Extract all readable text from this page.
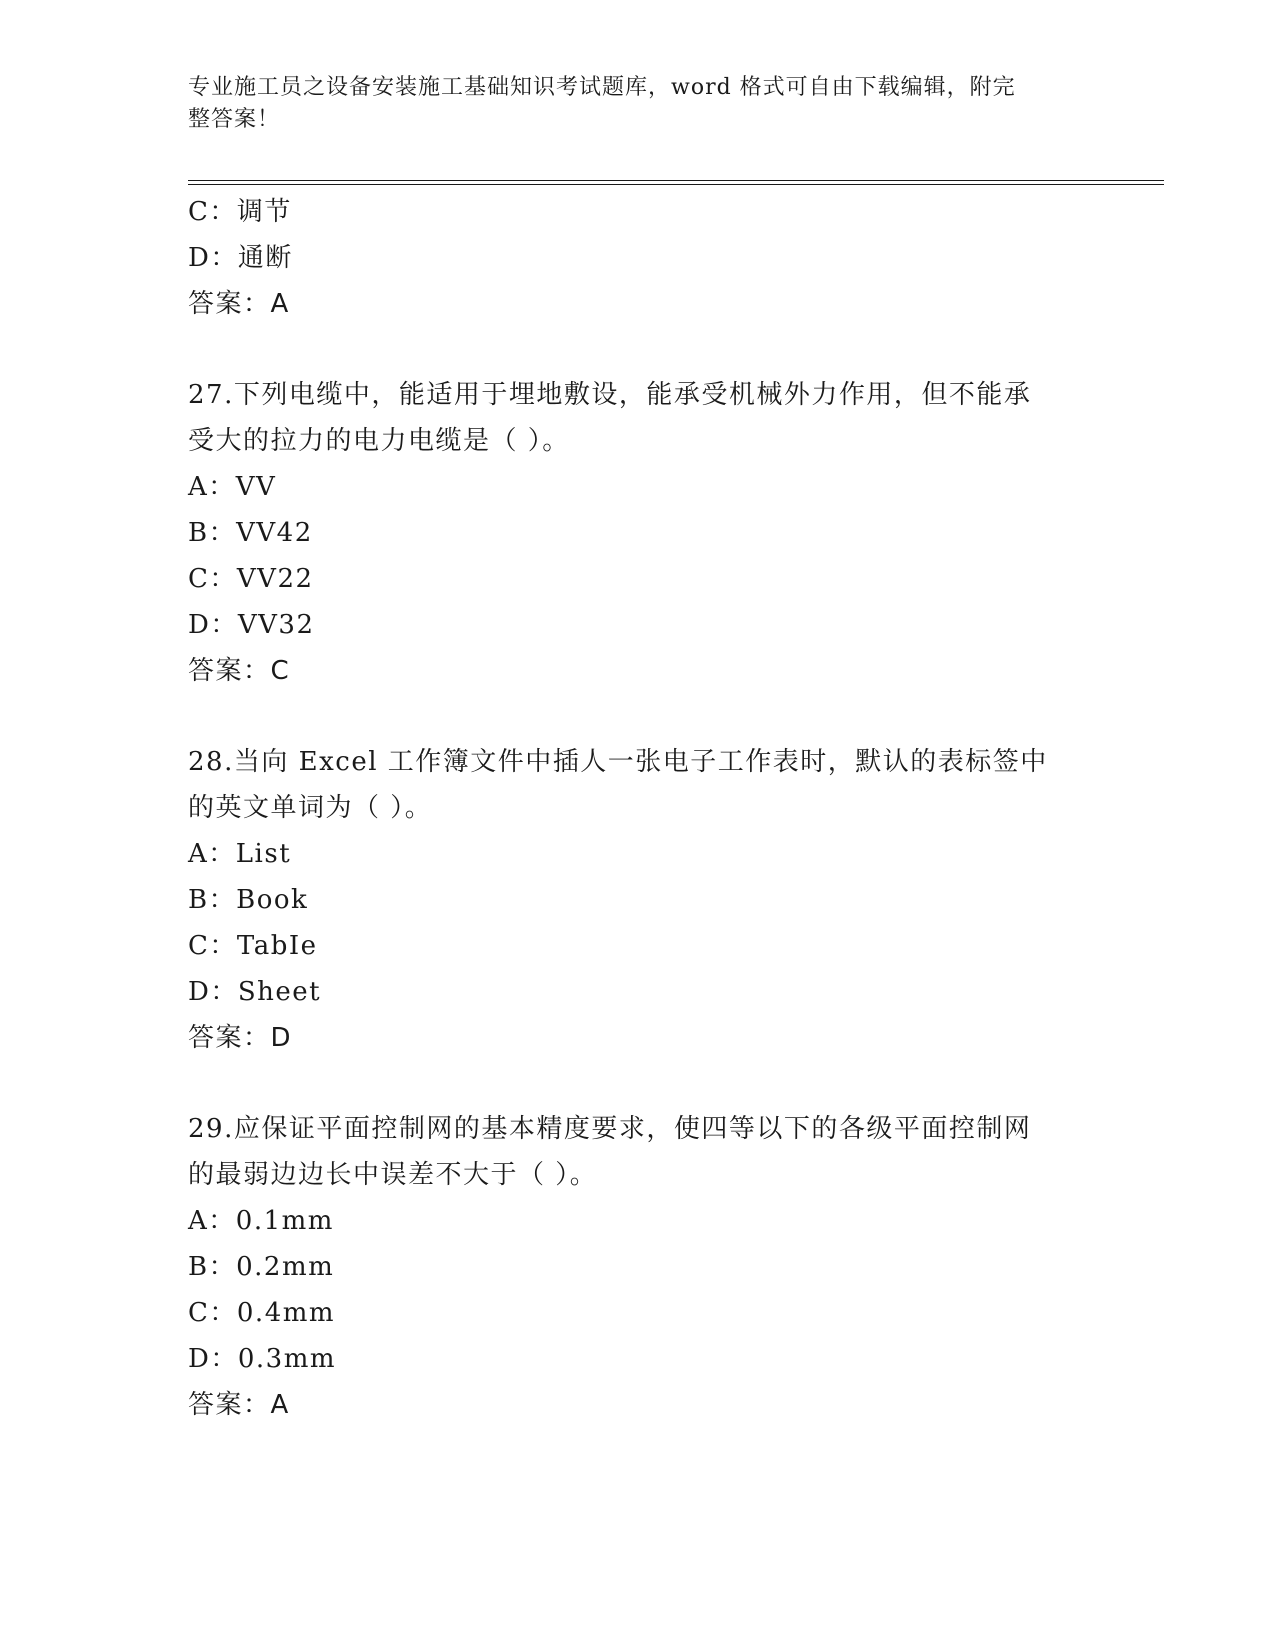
专业施工员之设备安装施工基础知识考试题库，word 格式可自由下载编辑，附完
整答案！
C：调节
D：通断
答案：A
27.下列电缆中，能适用于埋地敷设，能承受机械外力作用，但不能承
受大的拉力的电力电缆是（ ）。
A：VV
B：VV42
C：VV22
D：VV32
答案：C
28.当向 Excel 工作簿文件中插人一张电子工作表时，默认的表标签中
的英文单词为（ ）。
A：List
B：Book
C：TabIe
D：Sheet
答案：D
29.应保证平面控制网的基本精度要求，使四等以下的各级平面控制网
的最弱边边长中误差不大于（ ）。
A：0.1mm
B：0.2mm
C：0.4mm
D：0.3mm
答案：A
